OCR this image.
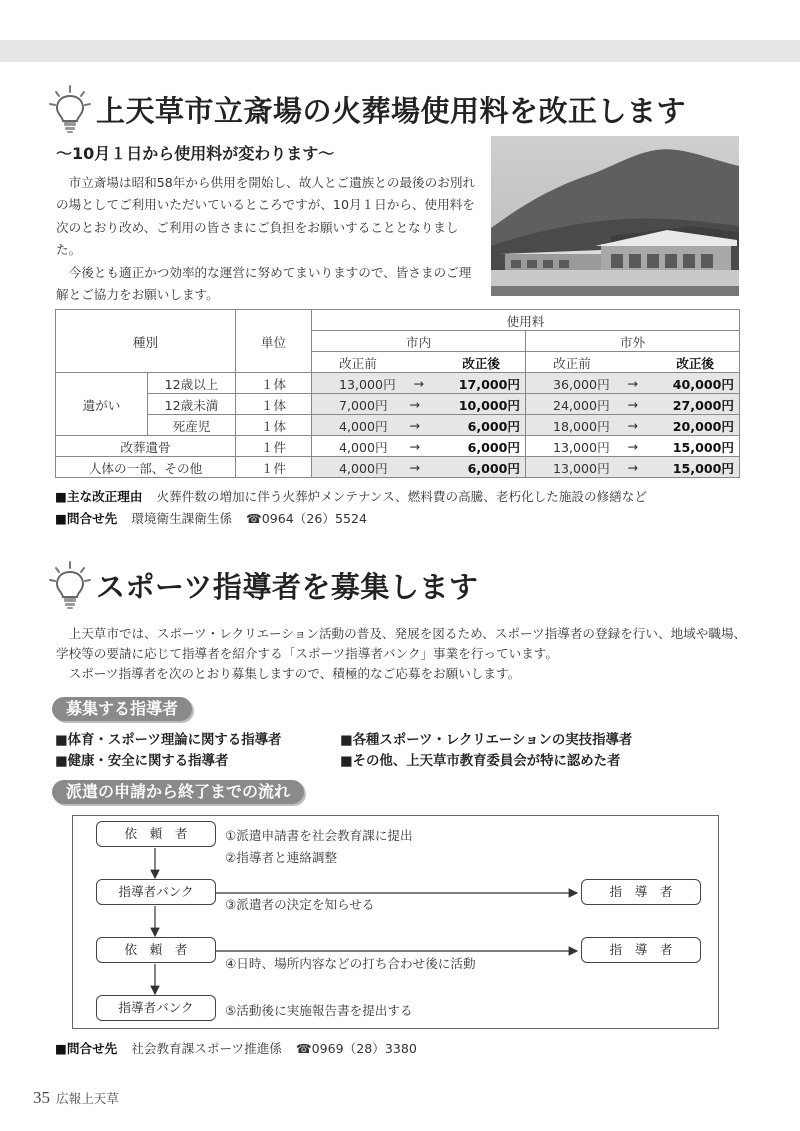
上天草市立斎場の火葬場使用料を改正します
～10月１日から使用料が変わります～

市立斎場は昭和58年から供用を開始し、故人とご遺族との最後のお別れの場としてご利用いただいているところですが、10月１日から、使用料を次のとおり改め、ご利用の皆さまにご負担をお願いすることとなりました。

今後とも適正かつ効率的な運営に努めてまいりますので、皆さまのご理解とご協力をお願いします。

種別		単位	使用料	
			市内	市外

			改正前 改正後	改正前 改正後

遺がい	12歳以上	１体	13,000円 → 17,000円	36,000円 → 40,000円

	12歳未満	１体	7,000円 → 10,000円	24,000円 → 27,000円

	死産児	１体	4,000円 → 6,000円	18,000円 → 20,000円

改葬遺骨		１件	4,000円 → 6,000円	13,000円 → 15,000円

人体の一部、その他		１件	4,000円 → 6,000円	13,000円 → 15,000円
■主な改正理由 火葬件数の増加に伴う火葬炉メンテナンス、燃料費の高騰、老朽化した施設の修繕など
■問合せ先 環境衛生課衛生係 ☎0964（26）5524
スポーツ指導者を募集します

上天草市では、スポーツ・レクリエーション活動の普及、発展を図るため、スポーツ指導者の登録を行い、地域や職場、学校等の要請に応じて指導者を紹介する「スポーツ指導者バンク」事業を行っています。

スポーツ指導者を次のとおり募集しますので、積極的なご応募をお願いします。

募集する指導者
■体育・スポーツ理論に関する指導者	■各種スポーツ・レクリエーションの実技指導者
■健康・安全に関する指導者	■その他、上天草市教育委員会が特に認めた者
派遣の申請から終了までの流れ
依　頼　者
指導者バンク
依　頼　者
指導者バンク
指　導　者
指　導　者
①派遣申請書を社会教育課に提出
②指導者と連絡調整
③派遣者の決定を知らせる
④日時、場所内容などの打ち合わせ後に活動
⑤活動後に実施報告書を提出する
■問合せ先 社会教育課スポーツ推進係 ☎0969（28）3380
35 広報上天草
